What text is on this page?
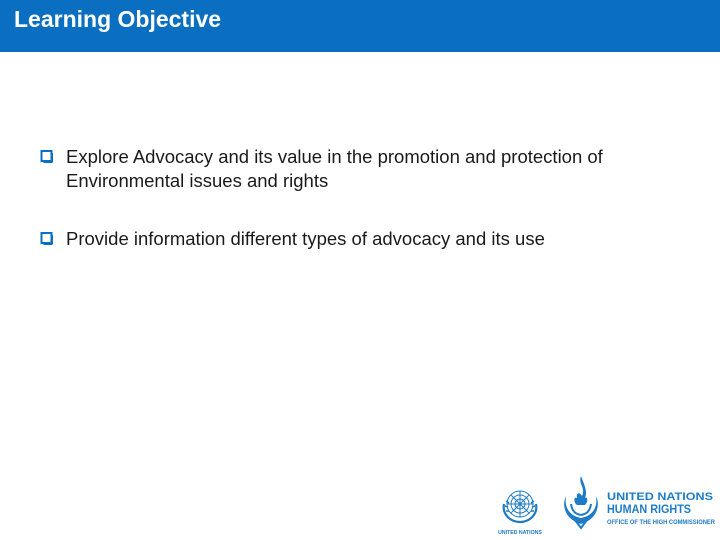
Learning Objective
Explore Advocacy and its value in the promotion and protection of Environmental issues and rights
Provide information different types of advocacy and its use
UNITED NATIONS
UNITED NATIONS
HUMAN RIGHTS
OFFICE OF THE HIGH COMMISSIONER
